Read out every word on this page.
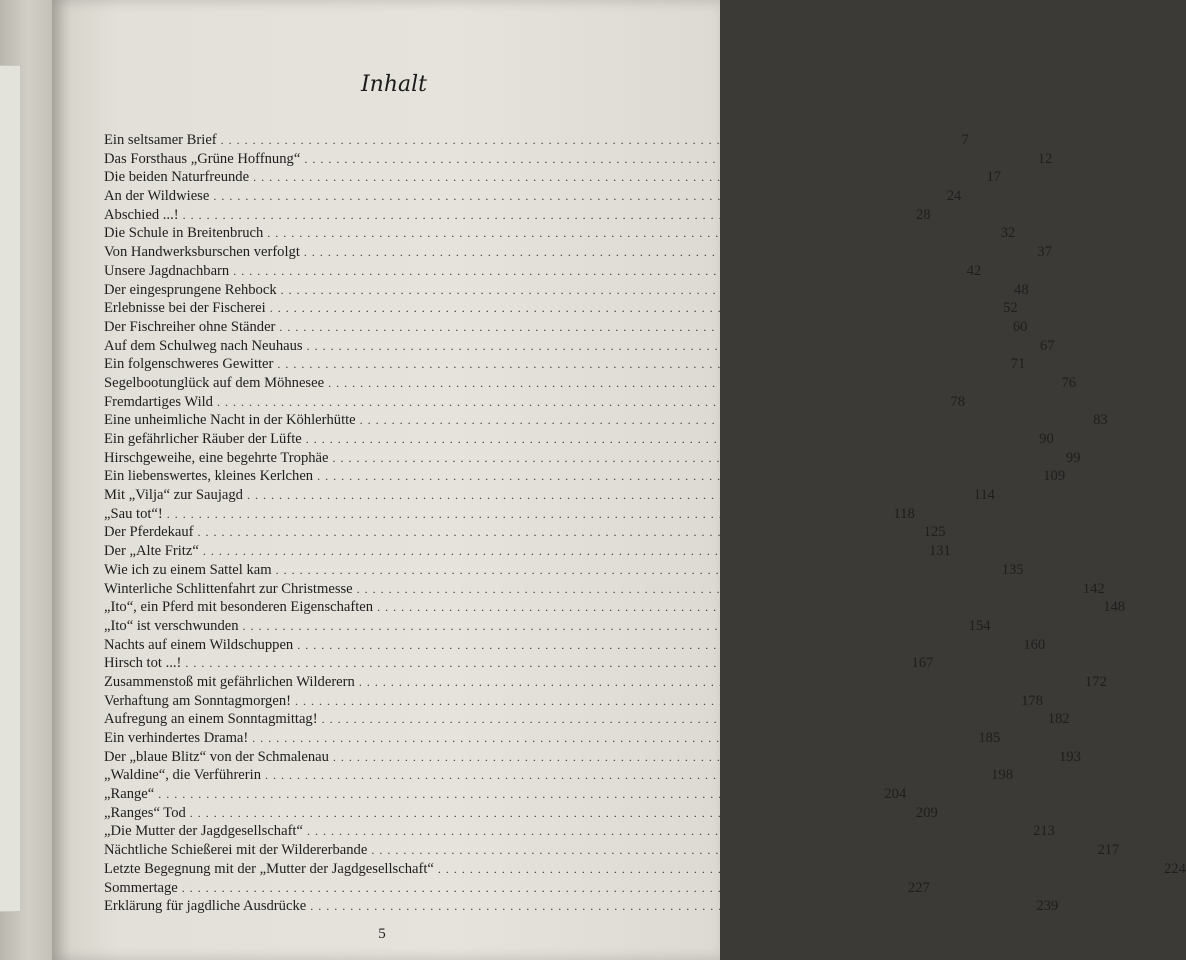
Inhalt
Ein seltsamer Brief ..........................................................................................	7
Das Forsthaus „Grüne Hoffnung“ .......................................................................................... 12
Die beiden Naturfreunde .......................................................................................... 17
An der Wildwiese .......................................................................................... 24
Abschied ...! .......................................................................................... 28
Die Schule in Breitenbruch .......................................................................................... 32
Von Handwerksburschen verfolgt .......................................................................................... 37
Unsere Jagdnachbarn .......................................................................................... 42
Der eingesprungene Rehbock .......................................................................................... 48
Erlebnisse bei der Fischerei .......................................................................................... 52
Der Fischreiher ohne Ständer .......................................................................................... 60
Auf dem Schulweg nach Neuhaus .......................................................................................... 67
Ein folgenschweres Gewitter .......................................................................................... 71
Segelbootunglück auf dem Möhnesee .......................................................................................... 76
Fremdartiges Wild .......................................................................................... 78
Eine unheimliche Nacht in der Köhlerhütte .......................................................................................... 83
Ein gefährlicher Räuber der Lüfte .......................................................................................... 90
Hirschgeweihe, eine begehrte Trophäe .......................................................................................... 99
Ein liebenswertes, kleines Kerlchen .......................................................................................... 109
Mit „Vilja“ zur Saujagd .......................................................................................... 114
„Sau tot“! .......................................................................................... 118
Der Pferdekauf .......................................................................................... 125
Der „Alte Fritz“ .......................................................................................... 131
Wie ich zu einem Sattel kam .......................................................................................... 135
Winterliche Schlittenfahrt zur Christmesse .......................................................................................... 142
„Ito“, ein Pferd mit besonderen Eigenschaften .......................................................................................... 148
„Ito“ ist verschwunden .......................................................................................... 154
Nachts auf einem Wildschuppen .......................................................................................... 160
Hirsch tot ...! .......................................................................................... 167
Zusammenstoß mit gefährlichen Wilderern .......................................................................................... 172
Verhaftung am Sonntagmorgen! .......................................................................................... 178
Aufregung an einem Sonntagmittag! .......................................................................................... 182
Ein verhindertes Drama! .......................................................................................... 185
Der „blaue Blitz“ von der Schmalenau .......................................................................................... 193
„Waldine“, die Verführerin .......................................................................................... 198
„Range“ .......................................................................................... 204
„Ranges“ Tod .......................................................................................... 209
„Die Mutter der Jagdgesellschaft“ .......................................................................................... 213
Nächtliche Schießerei mit der Wildererbande .......................................................................................... 217
Letzte Begegnung mit der „Mutter der Jagdgesellschaft“ .......................................................................................... 224
Sommertage .......................................................................................... 227
Erklärung für jagdliche Ausdrücke .......................................................................................... 239
5
